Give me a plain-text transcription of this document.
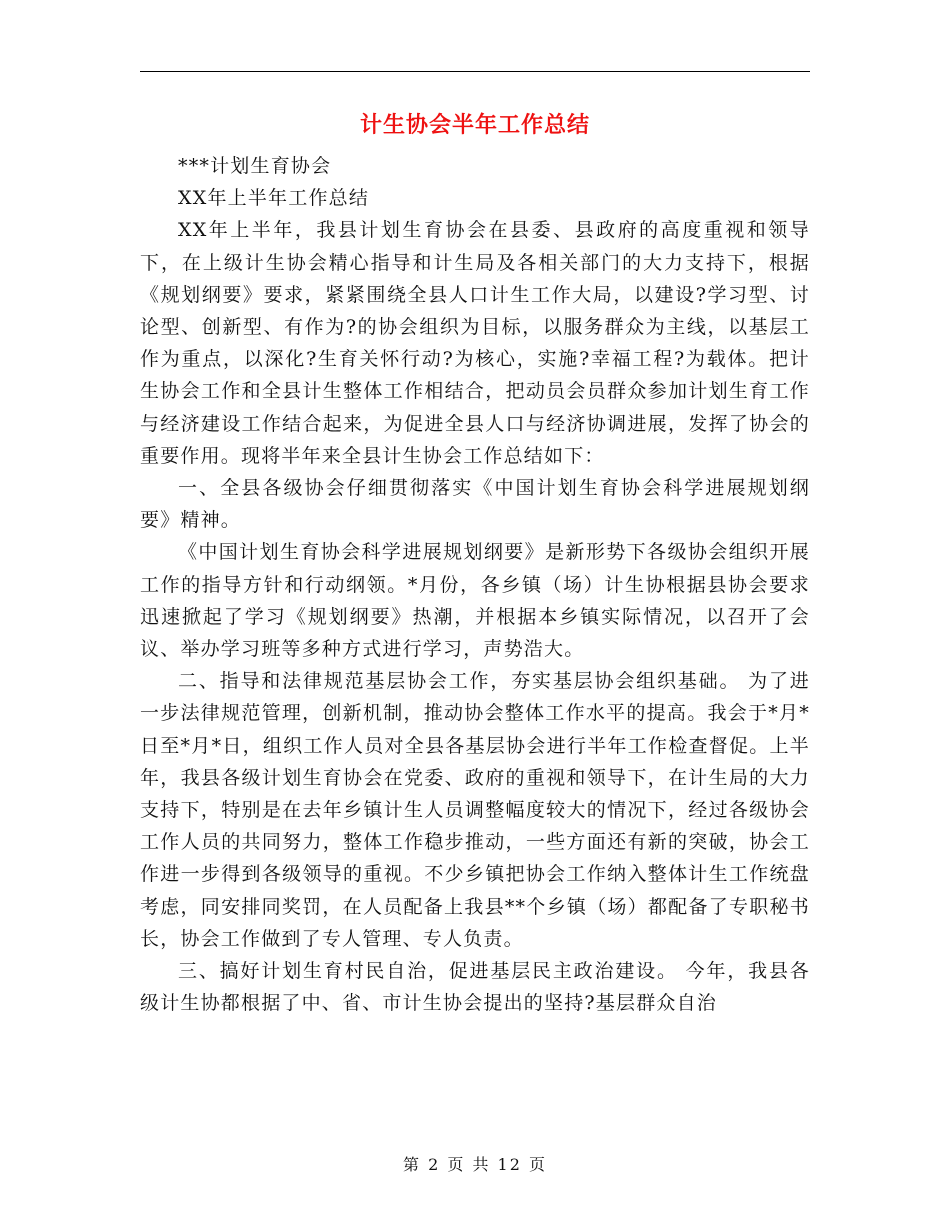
计生协会半年工作总结

***计划生育协会

XX年上半年工作总结

XX年上半年，我县计划生育协会在县委、县政府的高度重视和领导下，在上级计生协会精心指导和计生局及各相关部门的大力支持下，根据《规划纲要》要求，紧紧围绕全县人口计生工作大局，以建设?学习型、讨论型、创新型、有作为?的协会组织为目标，以服务群众为主线，以基层工作为重点，以深化?生育关怀行动?为核心，实施?幸福工程?为载体。把计生协会工作和全县计生整体工作相结合，把动员会员群众参加计划生育工作与经济建设工作结合起来，为促进全县人口与经济协调进展，发挥了协会的重要作用。现将半年来全县计生协会工作总结如下：

一、全县各级协会仔细贯彻落实《中国计划生育协会科学进展规划纲要》精神。

《中国计划生育协会科学进展规划纲要》是新形势下各级协会组织开展工作的指导方针和行动纲领。*月份，各乡镇（场）计生协根据县协会要求迅速掀起了学习《规划纲要》热潮，并根据本乡镇实际情况，以召开了会议、举办学习班等多种方式进行学习，声势浩大。

二、指导和法律规范基层协会工作，夯实基层协会组织基础。 为了进一步法律规范管理，创新机制，推动协会整体工作水平的提高。我会于*月*日至*月*日，组织工作人员对全县各基层协会进行半年工作检查督促。上半年，我县各级计划生育协会在党委、政府的重视和领导下，在计生局的大力支持下，特别是在去年乡镇计生人员调整幅度较大的情况下，经过各级协会工作人员的共同努力，整体工作稳步推动，一些方面还有新的突破，协会工作进一步得到各级领导的重视。不少乡镇把协会工作纳入整体计生工作统盘考虑，同安排同奖罚，在人员配备上我县**个乡镇（场）都配备了专职秘书长，协会工作做到了专人管理、专人负责。

三、搞好计划生育村民自治，促进基层民主政治建设。 今年，我县各级计生协都根据了中、省、市计生协会提出的坚持?基层群众自治

第 2 页 共 12 页
